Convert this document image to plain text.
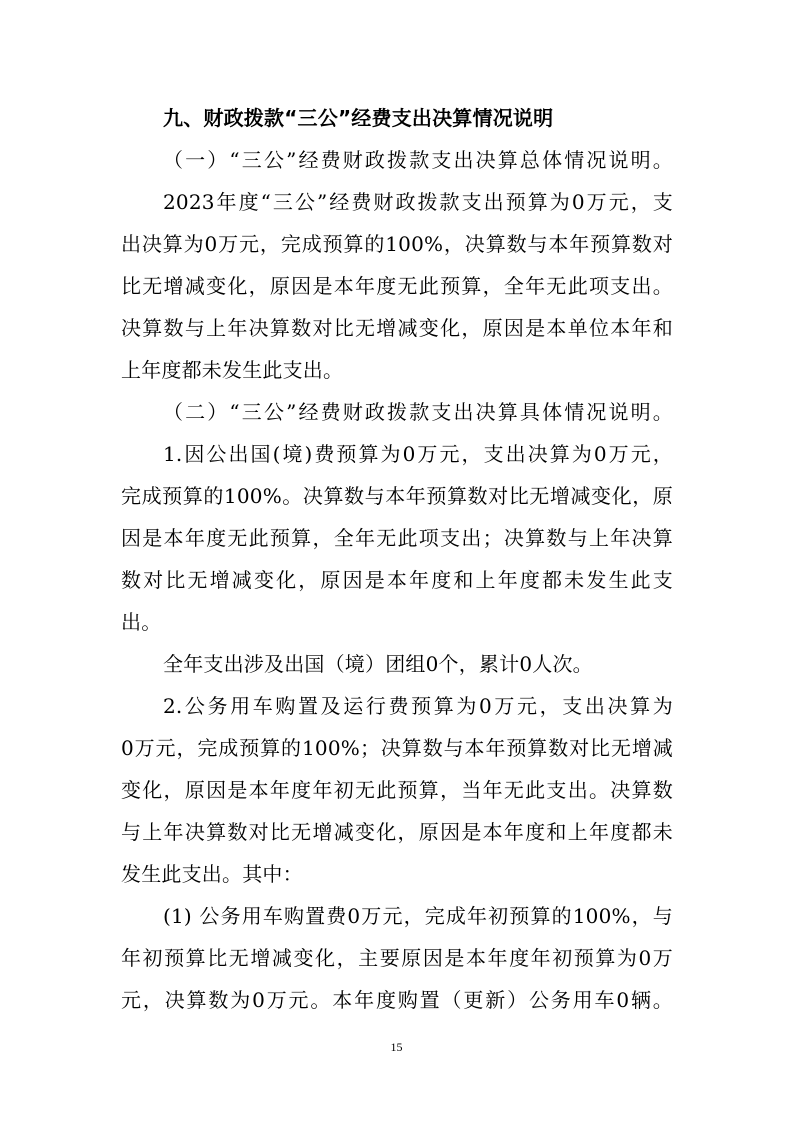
九、财政拨款“三公”经费支出决算情况说明
（一）“三公”经费财政拨款支出决算总体情况说明。
2023年度“三公”经费财政拨款支出预算为0万元，支
出决算为0万元，完成预算的100%，决算数与本年预算数对
比无增减变化，原因是本年度无此预算，全年无此项支出。
决算数与上年决算数对比无增减变化，原因是本单位本年和
上年度都未发生此支出。
（二）“三公”经费财政拨款支出决算具体情况说明。
1.因公出国(境)费预算为0万元，支出决算为0万元，
完成预算的100%。决算数与本年预算数对比无增减变化，原
因是本年度无此预算，全年无此项支出；决算数与上年决算
数对比无增减变化，原因是本年度和上年度都未发生此支
出。
全年支出涉及出国（境）团组0个，累计0人次。
2.公务用车购置及运行费预算为0万元，支出决算为
0万元，完成预算的100%；决算数与本年预算数对比无增减
变化，原因是本年度年初无此预算，当年无此支出。决算数
与上年决算数对比无增减变化，原因是本年度和上年度都未
发生此支出。其中：
(1) 公务用车购置费0万元，完成年初预算的100%，与
年初预算比无增减变化，主要原因是本年度年初预算为0万
元，决算数为0万元。本年度购置（更新）公务用车0辆。
15
